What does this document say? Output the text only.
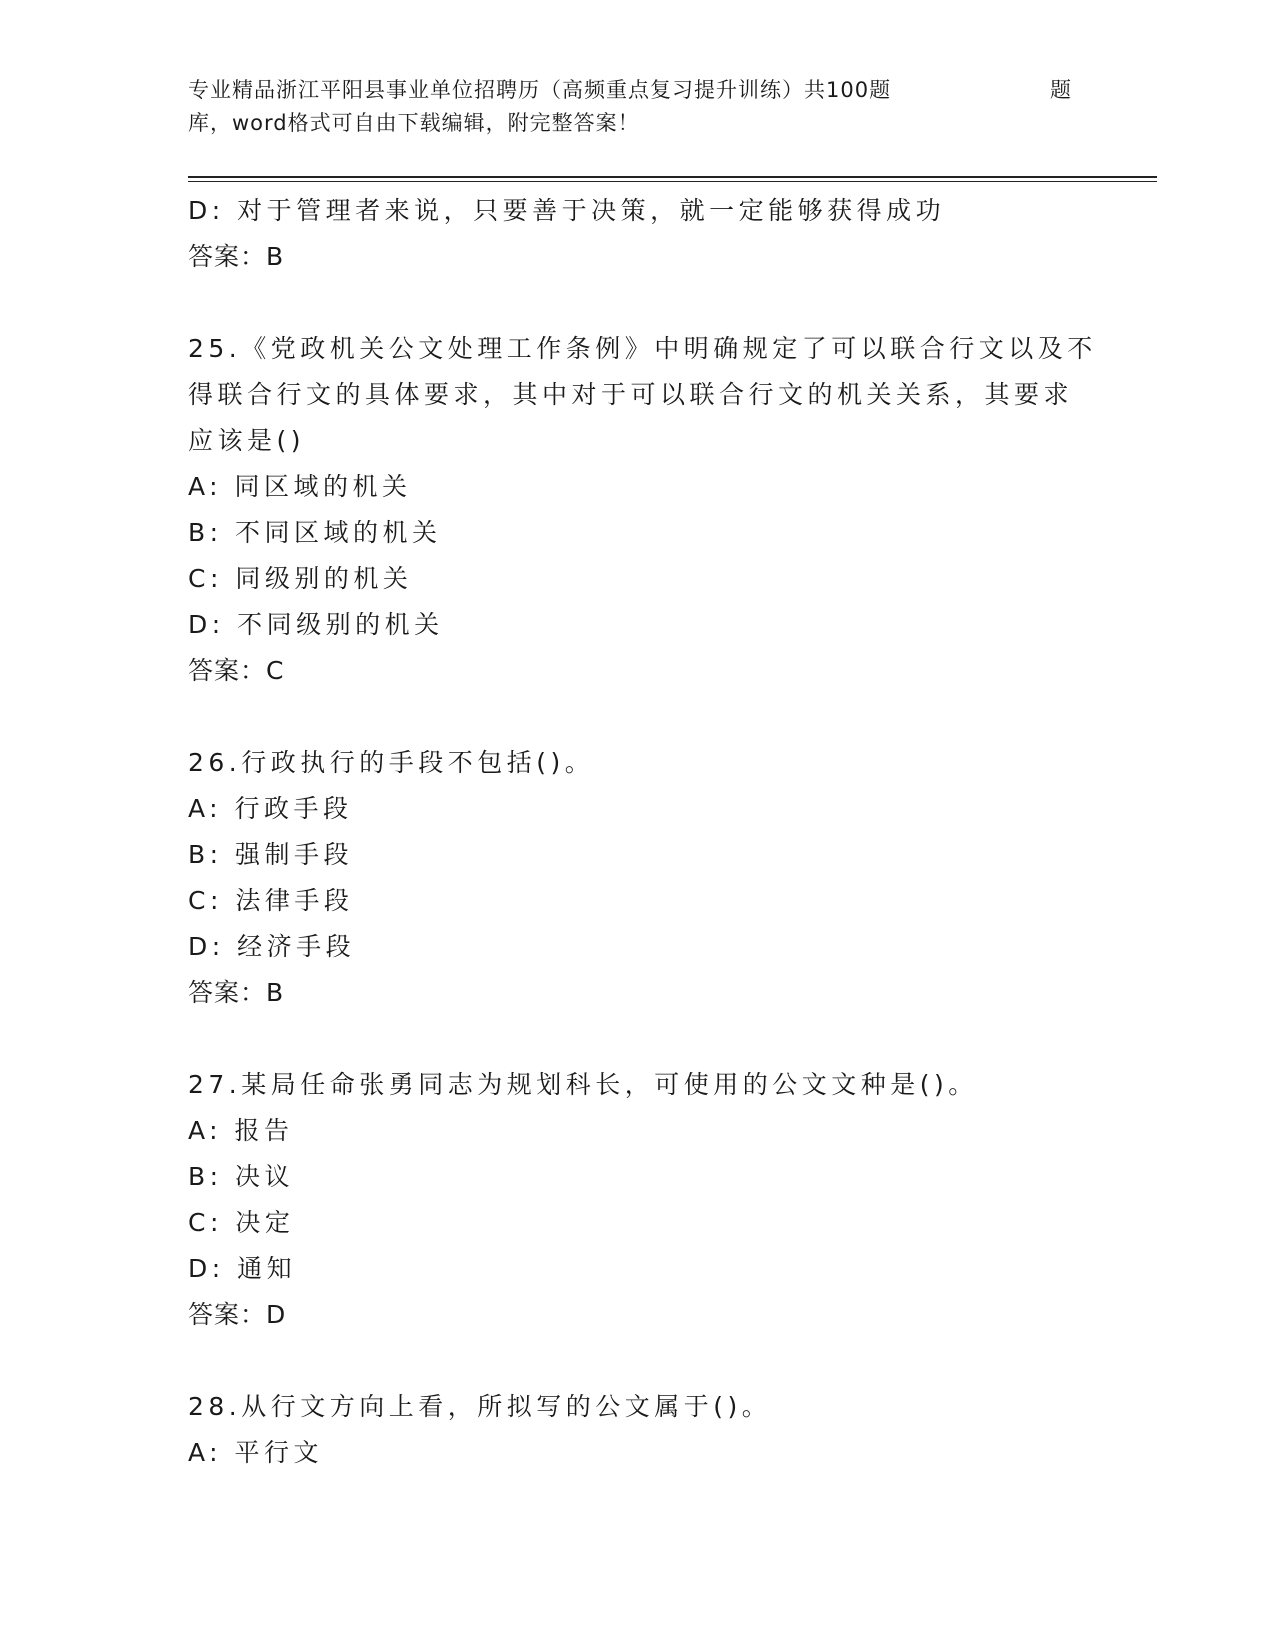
专业精品浙江平阳县事业单位招聘历（高频重点复习提升训练）共100题	题
库，word格式可自由下载编辑，附完整答案！
D: 对于管理者来说，只要善于决策，就一定能够获得成功
答案：B
25.《党政机关公文处理工作条例》中明确规定了可以联合行文以及不
得联合行文的具体要求，其中对于可以联合行文的机关关系，其要求
应该是()
A: 同区域的机关
B: 不同区域的机关
C: 同级别的机关
D: 不同级别的机关
答案：C
26.行政执行的手段不包括()。
A: 行政手段
B: 强制手段
C: 法律手段
D: 经济手段
答案：B
27.某局任命张勇同志为规划科长，可使用的公文文种是()。
A: 报告
B: 决议
C: 决定
D: 通知
答案：D
28.从行文方向上看，所拟写的公文属于()。
A: 平行文
